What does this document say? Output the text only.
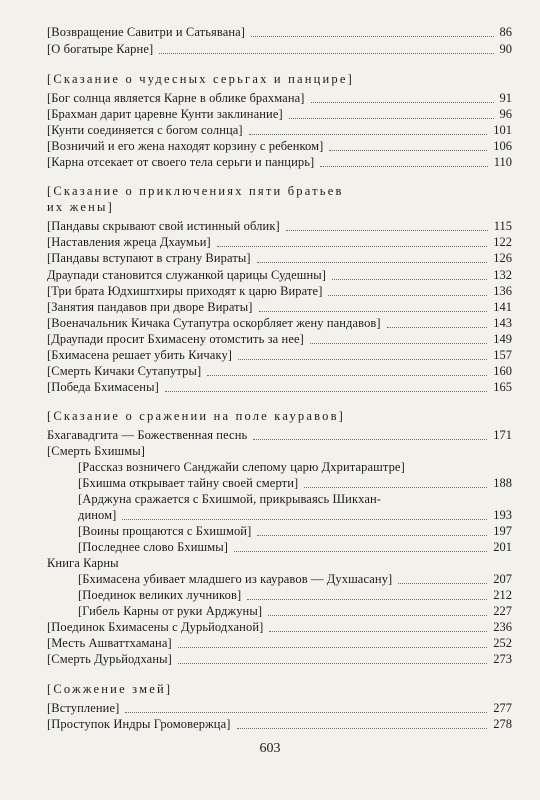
[Возвращение Савитри и Сатьявана]	86
[О богатыре Карне]	90
[Сказание о чудесных серьгах и панцире]
[Бог солнца является Карне в облике брахмана]	91
[Брахман дарит царевне Кунти заклинание]	96
[Кунти соединяется с богом солнца]	101
[Возничий и его жена находят корзину с ребенком]	106
[Карна отсекает от своего тела серьги и панцирь]	110
[Сказание о приключениях пяти братьев
их жены]
[Пандавы скрывают свой истинный облик]	115
[Наставления жреца Дхаумьи]	122
[Пандавы вступают в страну Вираты]	126
Драупади становится служанкой царицы Судешны]	132
[Три брата Юдхиштхиры приходят к царю Вирате]	136
[Занятия пандавов при дворе Вираты]	141
[Военачальник Кичака Сутапутра оскорбляет жену пандавов]	143
[Драупади просит Бхимасену отомстить за нее]	149
[Бхимасена решает убить Кичаку]	157
[Смерть Кичаки Сутапутры]	160
[Победа Бхимасены]	165
[Сказание о сражении на поле кауравов]
Бхагавадгита — Божественная песнь	171
[Смерть Бхишмы]
[Рассказ возничего Санджайи слепому царю Дхритараштре]
[Бхишма открывает тайну своей смерти]	188
[Арджуна сражается с Бхишмой, прикрываясь Шикхан-
дином]	193
[Воины прощаются с Бхишмой]	197
[Последнее слово Бхишмы]	201
Книга Карны
[Бхимасена убивает младшего из кауравов — Духшасану]	207
[Поединок великих лучников]	212
[Гибель Карны от руки Арджуны]	227
[Поединок Бхимасены с Дурьйодханой]	236
[Месть Ашваттхамана]	252
[Смерть Дурьйодханы]	273
[Сожжение змей]
[Вступление]	277
[Проступок Индры Громовержца]	278
603
